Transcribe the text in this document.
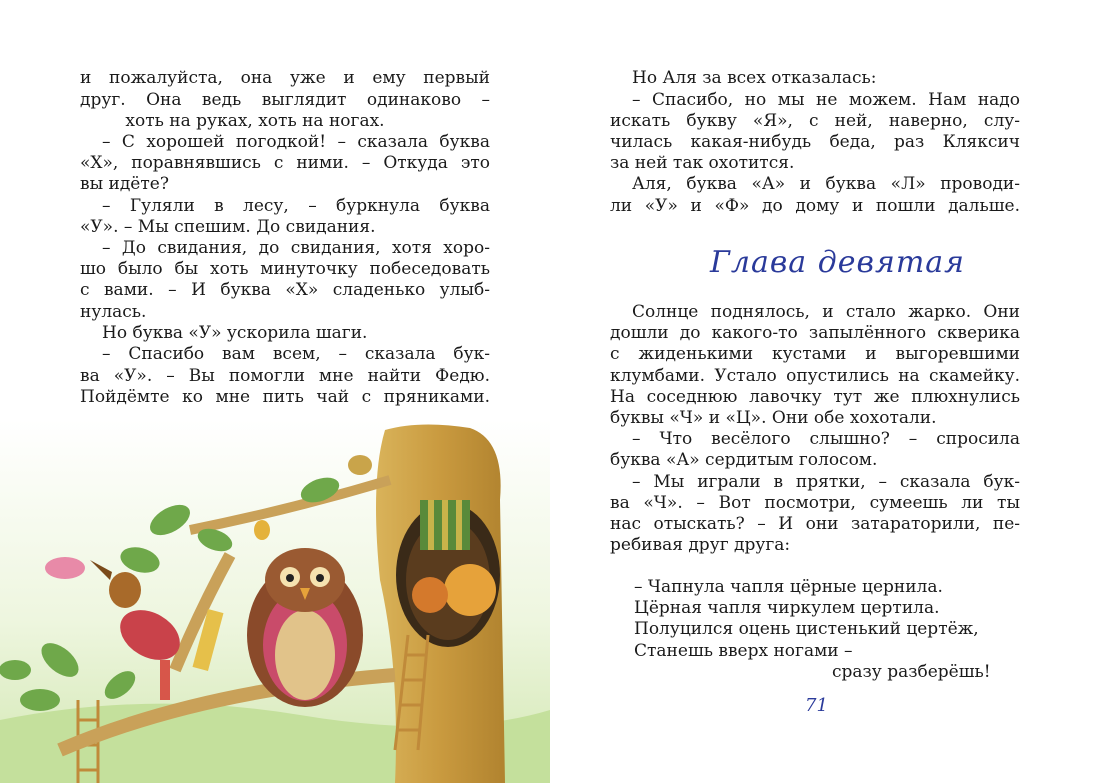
и пожалуйста, она уже и ему первый
друг. Она ведь выглядит одинаково –
хоть на руках, хоть на ногах.
– С хорошей погодкой! – сказала буква
«Х», поравнявшись с ними. – Откуда это
вы идёте?
– Гуляли в лесу, – буркнула буква
«У». – Мы спешим. До свидания.
– До свидания, до свидания, хотя хоро-
шо было бы хоть минуточку побеседовать
с вами. – И буква «Х» сладенько улыб-
нулась.
Но буква «У» ускорила шаги.
– Спасибо вам всем, – сказала бук-
ва «У». – Вы помогли мне найти Федю.
Пойдёмте ко мне пить чай с пряниками.
Но Аля за всех отказалась:
– Спасибо, но мы не можем. Нам надо
искать букву «Я», с ней, наверно, слу-
чилась какая-нибудь беда, раз Кляксич
за ней так охотится.
Аля, буква «А» и буква «Л» проводи-
ли «У» и «Ф» до дому и пошли дальше.
Глава девятая
Солнце поднялось, и стало жарко. Они
дошли до какого-то запылённого скверика
с жиденькими кустами и выгоревшими
клумбами. Устало опустились на скамейку.
На соседнюю лавочку тут же плюхнулись
буквы «Ч» и «Ц». Они обе хохотали.
– Что весёлого слышно? – спросила
буква «А» сердитым голосом.
– Мы играли в прятки, – сказала бук-
ва «Ч». – Вот посмотри, сумеешь ли ты
нас отыскать? – И они затараторили, пе-
ребивая друг друга:
– Чапнула чапля цёрные цернила.
Цёрная чапля чиркулем цертила.
Полуцился оцень цистенький цертёж,
Станешь вверх ногами –
сразу разберёшь!
71
